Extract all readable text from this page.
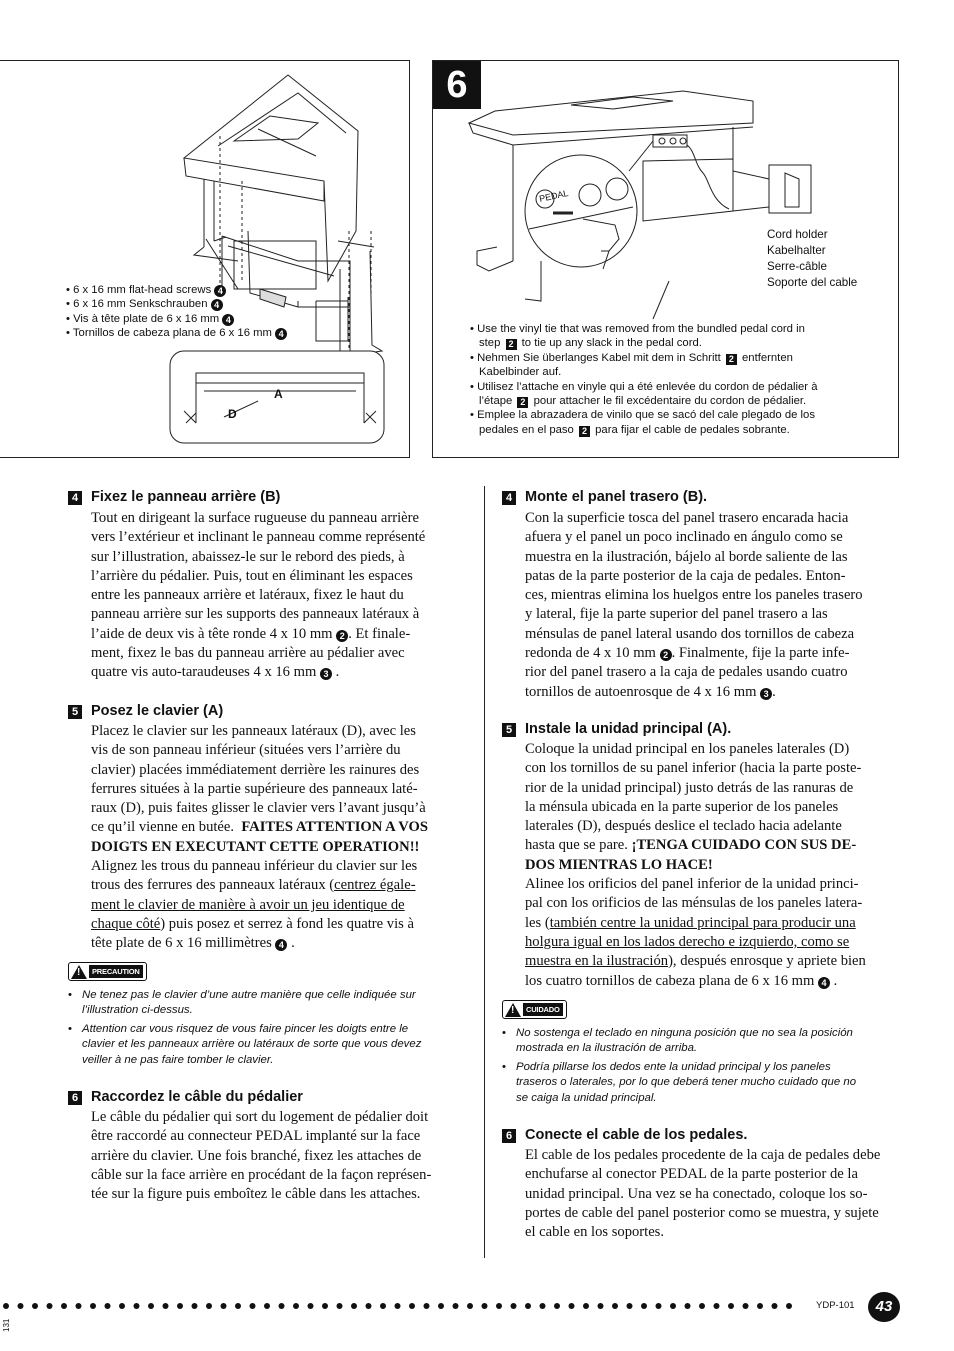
A
D
• 6 x 16 mm flat-head screws 4
• 6 x 16 mm Senkschrauben 4
• Vis à tête plate de 6 x 16 mm 4
• Tornillos de cabeza plana de 6 x 16 mm 4
6
PEDAL
Cord holder
Kabelhalter
Serre-câble
Soporte del cable
• Use the vinyl tie that was removed from the bundled pedal cord in
step 2 to tie up any slack in the pedal cord.
• Nehmen Sie überlanges Kabel mit dem in Schritt 2 entfernten
Kabelbinder auf.
• Utilisez l’attache en vinyle qui a été enlevée du cordon de pédalier à
l’étape 2 pour attacher le fil excédentaire du cordon de pédalier.
• Emplee la abrazadera de vinilo que se sacó del cale plegado de los
pedales en el paso 2 para fijar el cable de pedales sobrante.
4 Fixez le panneau arrière (B)

Tout en dirigeant la surface rugueuse du panneau arrière

vers l’extérieur et inclinant le panneau comme représenté

sur l’illustration, abaissez-le sur le rebord des pieds, à

l’arrière du pédalier. Puis, tout en éliminant les espaces

entre les panneaux arrière et latéraux, fixez le haut du

panneau arrière sur les supports des panneaux latéraux à

l’aide de deux vis à tête ronde 4 x 10 mm 2 . Et finale-

ment, fixez le bas du panneau arrière au pédalier avec

quatre vis auto-taraudeuses 4 x 16 mm 3 .

5 Posez le clavier (A)

Placez le clavier sur les panneaux latéraux (D), avec les

vis de son panneau inférieur (situées vers l’arrière du

clavier) placées immédiatement derrière les rainures des

ferrures situées à la partie supérieure des panneaux laté-

raux (D), puis faites glisser le clavier vers l’avant jusqu’à

ce qu’il vienne en butée. FAITES ATTENTION A VOS

DOIGTS EN EXECUTANT CETTE OPERATION!!

Alignez les trous du panneau inférieur du clavier sur les

trous des ferrures des panneaux latéraux (centrez égale-

ment le clavier de manière à avoir un jeu identique de

chaque côté) puis posez et serrez à fond les quatre vis à

tête plate de 6 x 16 millimètres 4 .

!
PRECAUTION

• Ne tenez pas le clavier d’une autre manière que celle indiquée sur

l’illustration ci-dessus.

• Attention car vous risquez de vous faire pincer les doigts entre le

clavier et les panneaux arrière ou latéraux de sorte que vous devez

veiller à ne pas faire tomber le clavier.

6 Raccordez le câble du pédalier

Le câble du pédalier qui sort du logement de pédalier doit

être raccordé au connecteur PEDAL implanté sur la face

arrière du clavier. Une fois branché, fixez les attaches de

câble sur la face arrière en procédant de la façon représen-

tée sur la figure puis emboîtez le câble dans les attaches.

4 Monte el panel trasero (B).

Con la superficie tosca del panel trasero encarada hacia

afuera y el panel un poco inclinado en ángulo como se

muestra en la ilustración, bájelo al borde saliente de las

patas de la parte posterior de la caja de pedales. Enton-

ces, mientras elimina los huelgos entre los paneles trasero

y lateral, fije la parte superior del panel trasero a las

ménsulas de panel lateral usando dos tornillos de cabeza

redonda de 4 x 10 mm 2 . Finalmente, fije la parte infe-

rior del panel trasero a la caja de pedales usando cuatro

tornillos de autoenrosque de 4 x 16 mm 3 .

5 Instale la unidad principal (A).

Coloque la unidad principal en los paneles laterales (D)

con los tornillos de su panel inferior (hacia la parte poste-

rior de la unidad principal) justo detrás de las ranuras de

la ménsula ubicada en la parte superior de los paneles

laterales (D), después deslice el teclado hacia adelante

hasta que se pare. ¡TENGA CUIDADO CON SUS DE-

DOS MIENTRAS LO HACE!

Alinee los orificios del panel inferior de la unidad princi-

pal con los orificios de las ménsulas de los paneles latera-

les (también centre la unidad principal para producir una

holgura igual en los lados derecho e izquierdo, como se

muestra en la ilustración), después enrosque y apriete bien

los cuatro tornillos de cabeza plana de 6 x 16 mm 4 .

!
CUIDADO

• No sostenga el teclado en ninguna posición que no sea la posición

mostrada en la ilustración de arriba.

• Podría pillarse los dedos ente la unidad principal y los paneles

traseros o laterales, por lo que deberá tener mucho cuidado que no

se caiga la unidad principal.

6 Conecte el cable de los pedales.

El cable de los pedales procedente de la caja de pedales debe

enchufarse al conector PEDAL de la parte posterior de la

unidad principal. Una vez se ha conectado, coloque los so-

portes de cable del panel posterior como se muestra, y sujete

el cable en los soportes.

YDP-101	43
131
